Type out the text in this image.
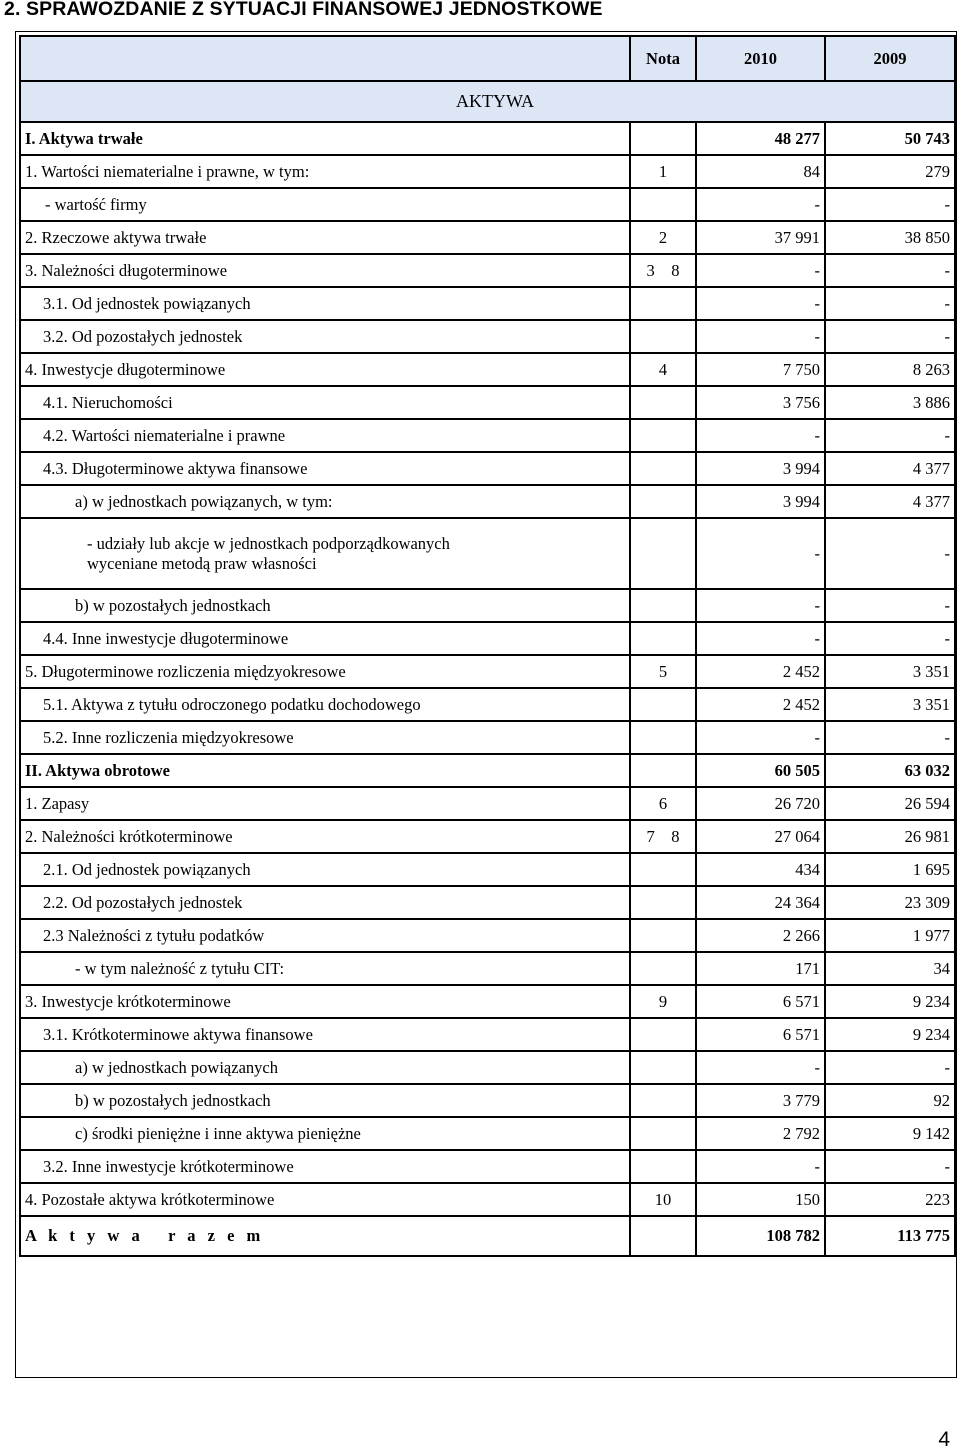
2. SPRAWOZDANIE Z SYTUACJI FINANSOWEJ JEDNOSTKOWE
	Nota	2010	2009
AKTYWA			
I. Aktywa trwałe		48 277	50 743
1. Wartości niematerialne i prawne, w tym:	1	84	279
- wartość firmy		-	-
2. Rzeczowe aktywa trwałe	2	37 991	38 850
3. Należności długoterminowe	3    8	-	-
3.1. Od jednostek powiązanych		-	-
3.2. Od pozostałych jednostek		-	-
4. Inwestycje długoterminowe	4	7 750	8 263
4.1. Nieruchomości		3 756	3 886
4.2. Wartości niematerialne i prawne		-	-
4.3. Długoterminowe aktywa finansowe		3 994	4 377
a) w jednostkach powiązanych, w tym:		3 994	4 377
- udziały lub akcje w jednostkach podporządkowanych
wyceniane metodą praw własności		-	-
b) w pozostałych jednostkach		-	-
4.4. Inne inwestycje długoterminowe		-	-
5. Długoterminowe rozliczenia międzyokresowe	5	2 452	3 351
5.1. Aktywa z tytułu odroczonego podatku dochodowego		2 452	3 351
5.2. Inne rozliczenia międzyokresowe		-	-
II. Aktywa obrotowe		60 505	63 032
1. Zapasy	6	26 720	26 594
2. Należności krótkoterminowe	7    8	27 064	26 981
2.1. Od jednostek powiązanych		434	1 695
2.2. Od pozostałych jednostek		24 364	23 309
2.3 Należności z tytułu podatków		2 266	1 977
- w tym należność z tytułu CIT:		171	34
3. Inwestycje krótkoterminowe	9	6 571	9 234
3.1. Krótkoterminowe aktywa finansowe		6 571	9 234
a) w jednostkach powiązanych		-	-
b) w pozostałych jednostkach		3 779	92
c) środki pieniężne i inne aktywa pieniężne		2 792	9 142
3.2. Inne inwestycje krótkoterminowe		-	-
4. Pozostałe aktywa krótkoterminowe	10	150	223
A k t y w a   r a z e m		108 782	113 775
4
